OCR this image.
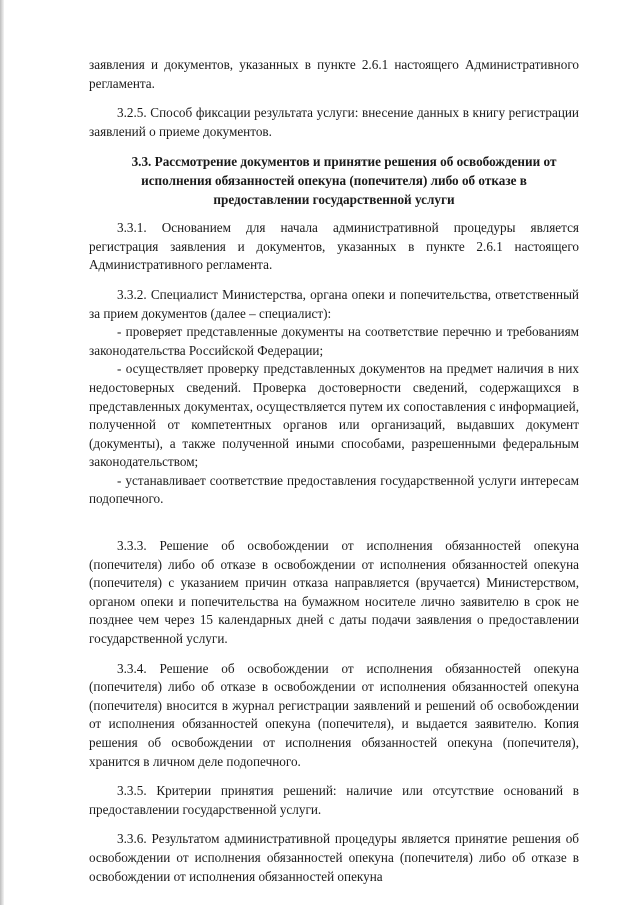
заявления и документов, указанных в пункте 2.6.1 настоящего Административного регламента.

3.2.5. Способ фиксации результата услуги: внесение данных в книгу регистрации заявлений о приеме документов.

3.3. Рассмотрение документов и принятие решения об освобождении от исполнения обязанностей опекуна (попечителя) либо об отказе в предоставлении государственной услуги

3.3.1. Основанием для начала административной процедуры является регистрация заявления и документов, указанных в пункте 2.6.1 настоящего Административного регламента.

3.3.2. Специалист Министерства, органа опеки и попечительства, ответственный за прием документов (далее – специалист):

- проверяет представленные документы на соответствие перечню и требованиям законодательства Российской Федерации;

- осуществляет проверку представленных документов на предмет наличия в них недостоверных сведений. Проверка достоверности сведений, содержащихся в представленных документах, осуществляется путем их сопоставления с информацией, полученной от компетентных органов или организаций, выдавших документ (документы), а также полученной иными способами, разрешенными федеральным законодательством;

- устанавливает соответствие предоставления государственной услуги интересам подопечного.

3.3.3. Решение об освобождении от исполнения обязанностей опекуна (попечителя) либо об отказе в освобождении от исполнения обязанностей опекуна (попечителя) с указанием причин отказа направляется (вручается) Министерством, органом опеки и попечительства на бумажном носителе лично заявителю в срок не позднее чем через 15 календарных дней с даты подачи заявления о предоставлении государственной услуги.

3.3.4. Решение об освобождении от исполнения обязанностей опекуна (попечителя) либо об отказе в освобождении от исполнения обязанностей опекуна (попечителя) вносится в журнал регистрации заявлений и решений об освобождении от исполнения обязанностей опекуна (попечителя), и выдается заявителю. Копия решения об освобождении от исполнения обязанностей опекуна (попечителя), хранится в личном деле подопечного.

3.3.5. Критерии принятия решений: наличие или отсутствие оснований в предоставлении государственной услуги.

3.3.6. Результатом административной процедуры является принятие решения об освобождении от исполнения обязанностей опекуна (попечителя) либо об отказе в освобождении от исполнения обязанностей опекуна
